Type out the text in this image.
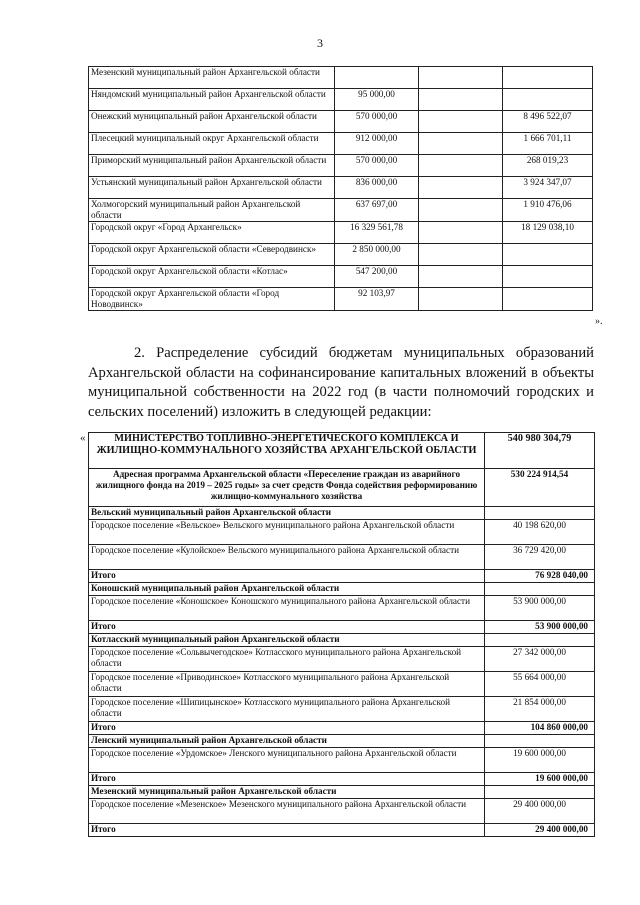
3
Мезенский муниципальный район Архангельской области			
Няндомский муниципальный район Архангельской области	95 000,00		
Онежский муниципальный район Архангельской области	570 000,00		8 496 522,07
Плесецкий муниципальный округ Архангельской области	912 000,00		1 666 701,11
Приморский муниципальный район Архангельской области	570 000,00		268 019,23
Устьянский муниципальный район Архангельской области	836 000,00		3 924 347,07
Холмогорский муниципальный район Архангельской области	637 697,00		1 910 476,06
Городской округ «Город Архангельск»	16 329 561,78		18 129 038,10
Городской округ Архангельской области «Северодвинск»	2 850 000,00		
Городской округ Архангельской области «Котлас»	547 200,00		
Городской округ Архангельской области «Город Новодвинск»	92 103,97		
».

2. Распределение субсидий бюджетам муниципальных образований Архангельской области на софинансирование капитальных вложений в объекты муниципальной собственности на 2022 год (в части полномочий городских и сельских поселений) изложить в следующей редакции:

«	МИНИСТЕРСТВО ТОПЛИВНО-ЭНЕРГЕТИЧЕСКОГО КОМПЛЕКСА И ЖИЛИЩНО-КОММУНАЛЬНОГО ХОЗЯЙСТВА АРХАНГЕЛЬСКОЙ ОБЛАСТИ	540 980 304,79
Адресная программа Архангельской области «Переселение граждан из аварийного жилищного фонда на 2019 – 2025 годы» за счет средств Фонда содействия реформированию жилищно-коммунального хозяйства	530 224 914,54
Вельский муниципальный район Архангельской области	
Городское поселение «Вельское» Вельского муниципального района Архангельской области	40 198 620,00
Городское поселение «Кулойское» Вельского муниципального района Архангельской области	36 729 420,00
Итого	76 928 040,00
Коношский муниципальный район Архангельской области	
Городское поселение «Коношское» Коношского муниципального района Архангельской области	53 900 000,00
Итого	53 900 000,00
Котласский муниципальный район Архангельской области	
Городское поселение «Сольвычегодское» Котласского муниципального района Архангельской области	27 342 000,00
Городское поселение «Приводинское» Котласского муниципального района Архангельской области	55 664 000,00
Городское поселение «Шипицынское» Котласского муниципального района Архангельской области	21 854 000,00
Итого	104 860 000,00
Ленский муниципальный район Архангельской области	
Городское поселение «Урдомское» Ленского муниципального района Архангельской области	19 600 000,00
Итого	19 600 000,00
Мезенский муниципальный район Архангельской области	
Городское поселение «Мезенское» Мезенского муниципального района Архангельской области	29 400 000,00
Итого	29 400 000,00
